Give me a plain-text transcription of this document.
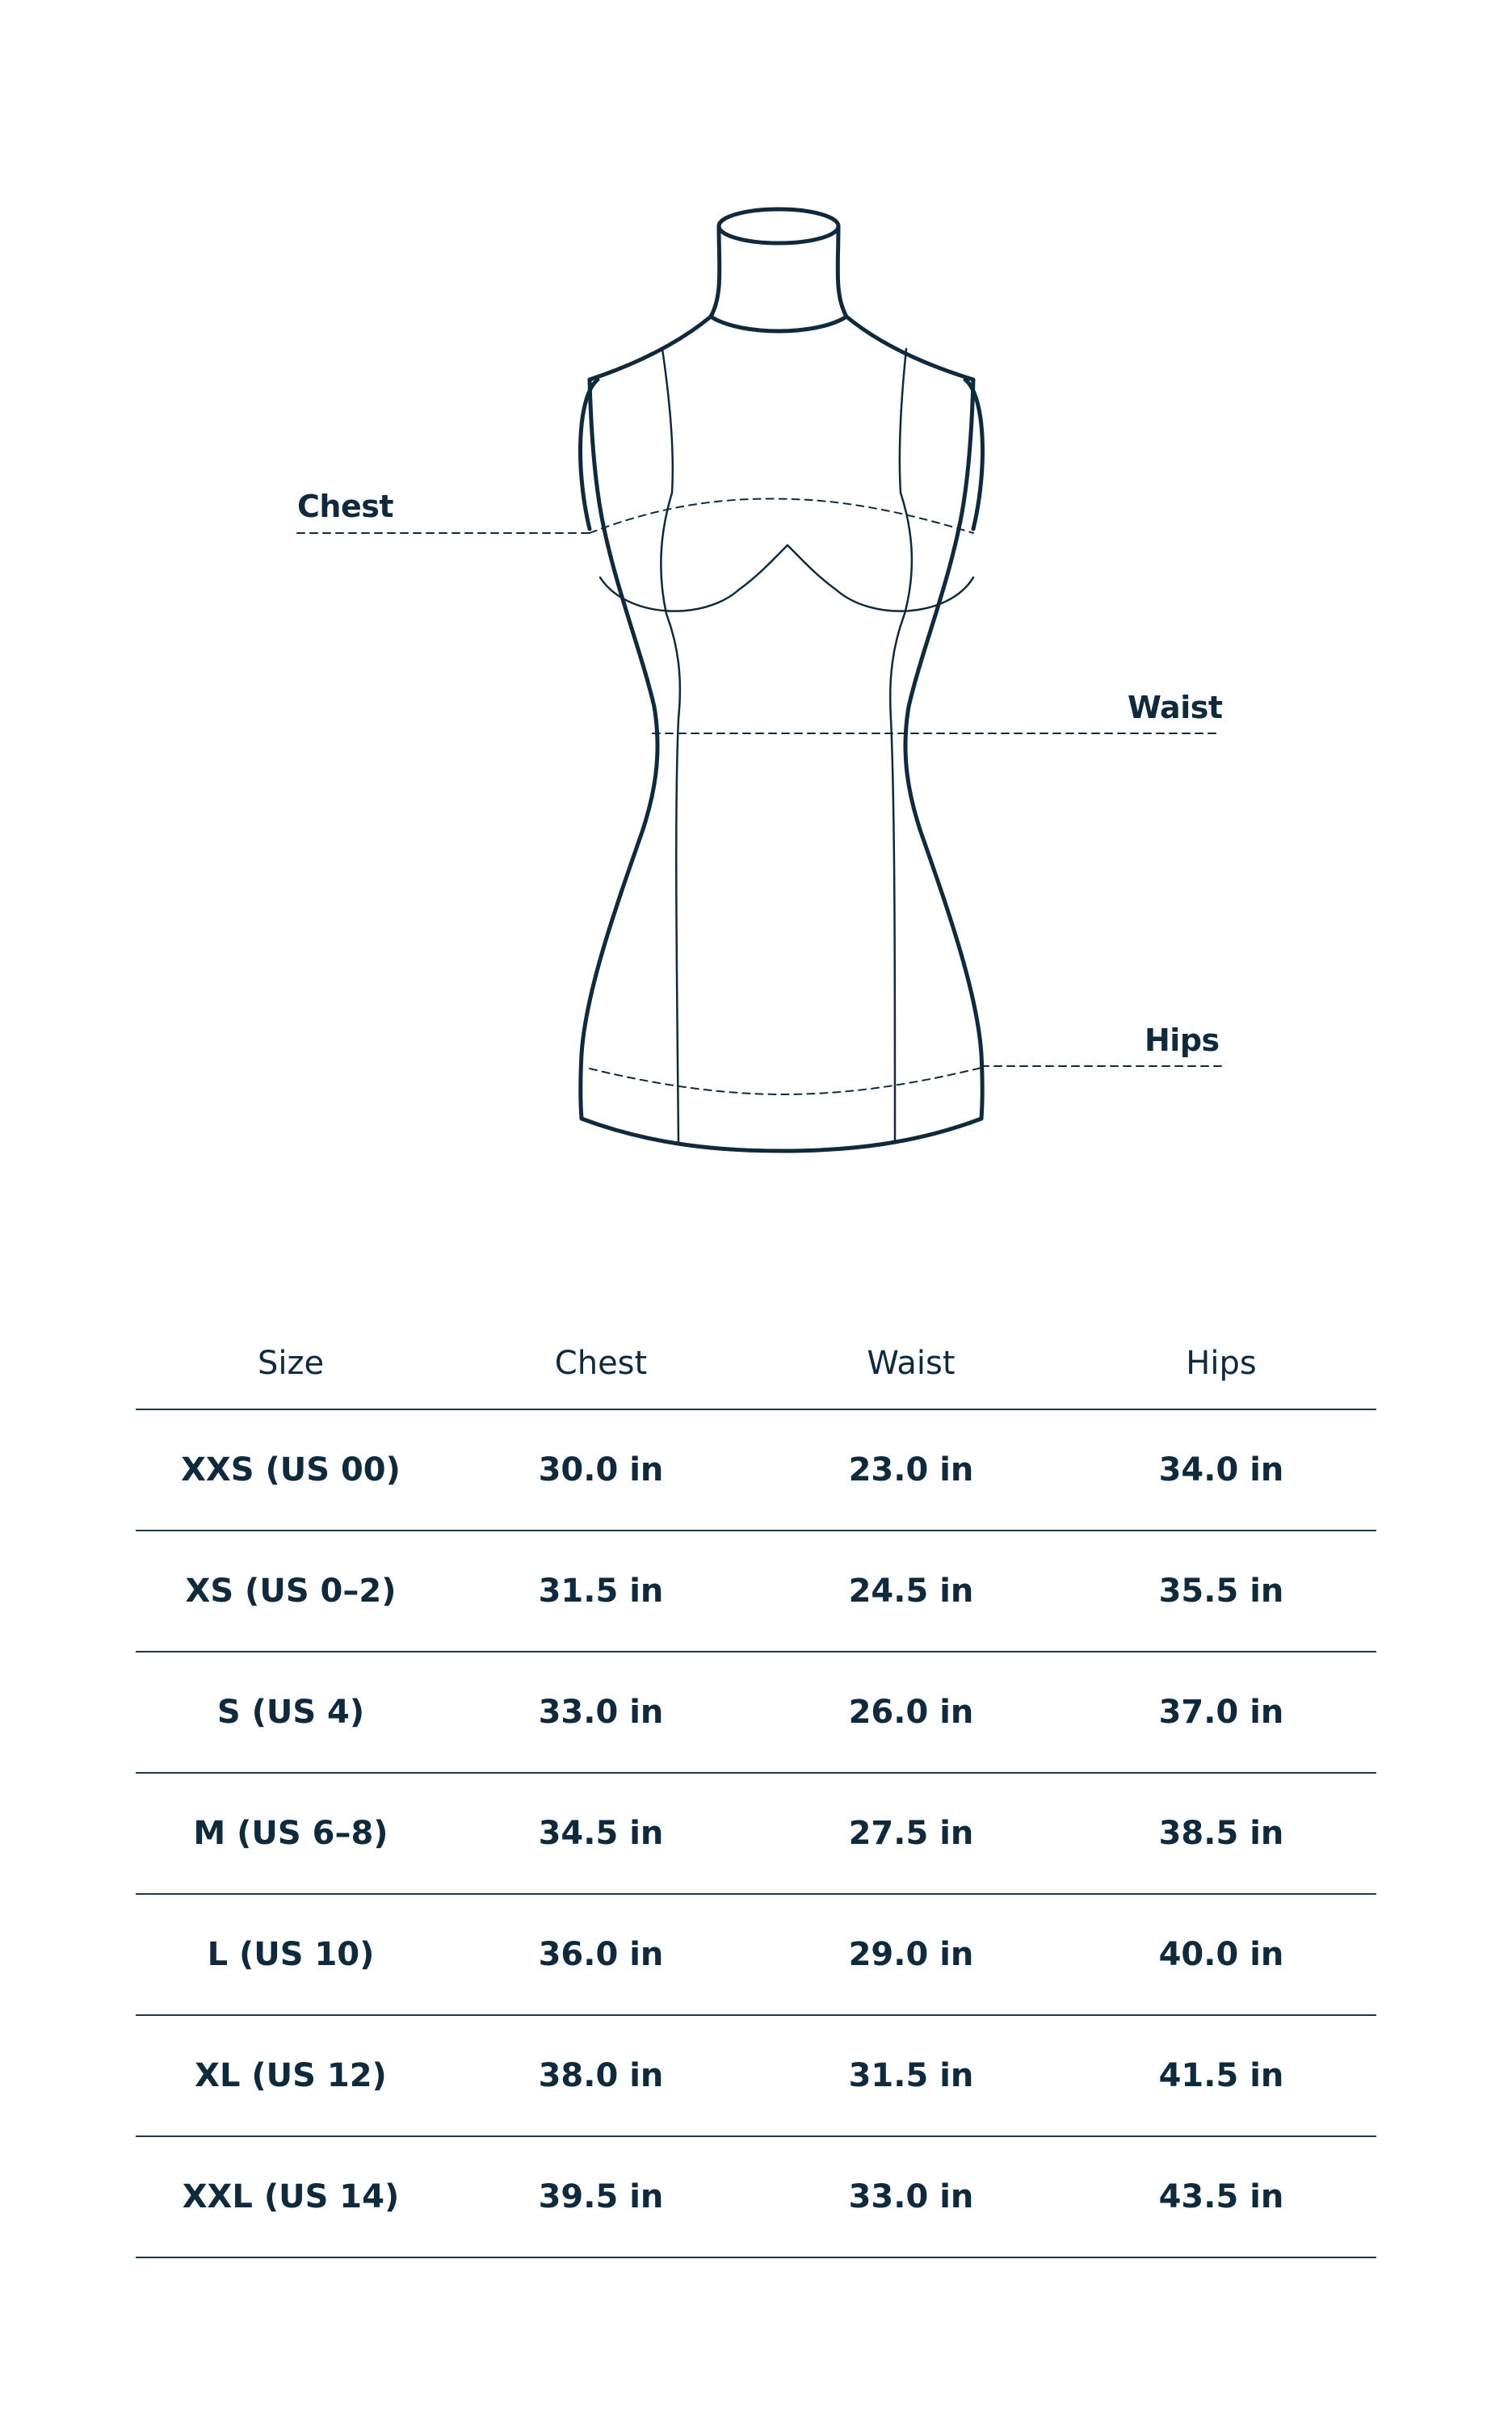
Chest
Waist
Hips
Size	Chest	Waist	Hips
XXS (US 00)	30.0 in	23.0 in	34.0 in
XS (US 0–2)	31.5 in	24.5 in	35.5 in
S (US 4)	33.0 in	26.0 in	37.0 in
M (US 6–8)	34.5 in	27.5 in	38.5 in
L (US 10)	36.0 in	29.0 in	40.0 in
XL (US 12)	38.0 in	31.5 in	41.5 in
XXL (US 14)	39.5 in	33.0 in	43.5 in
